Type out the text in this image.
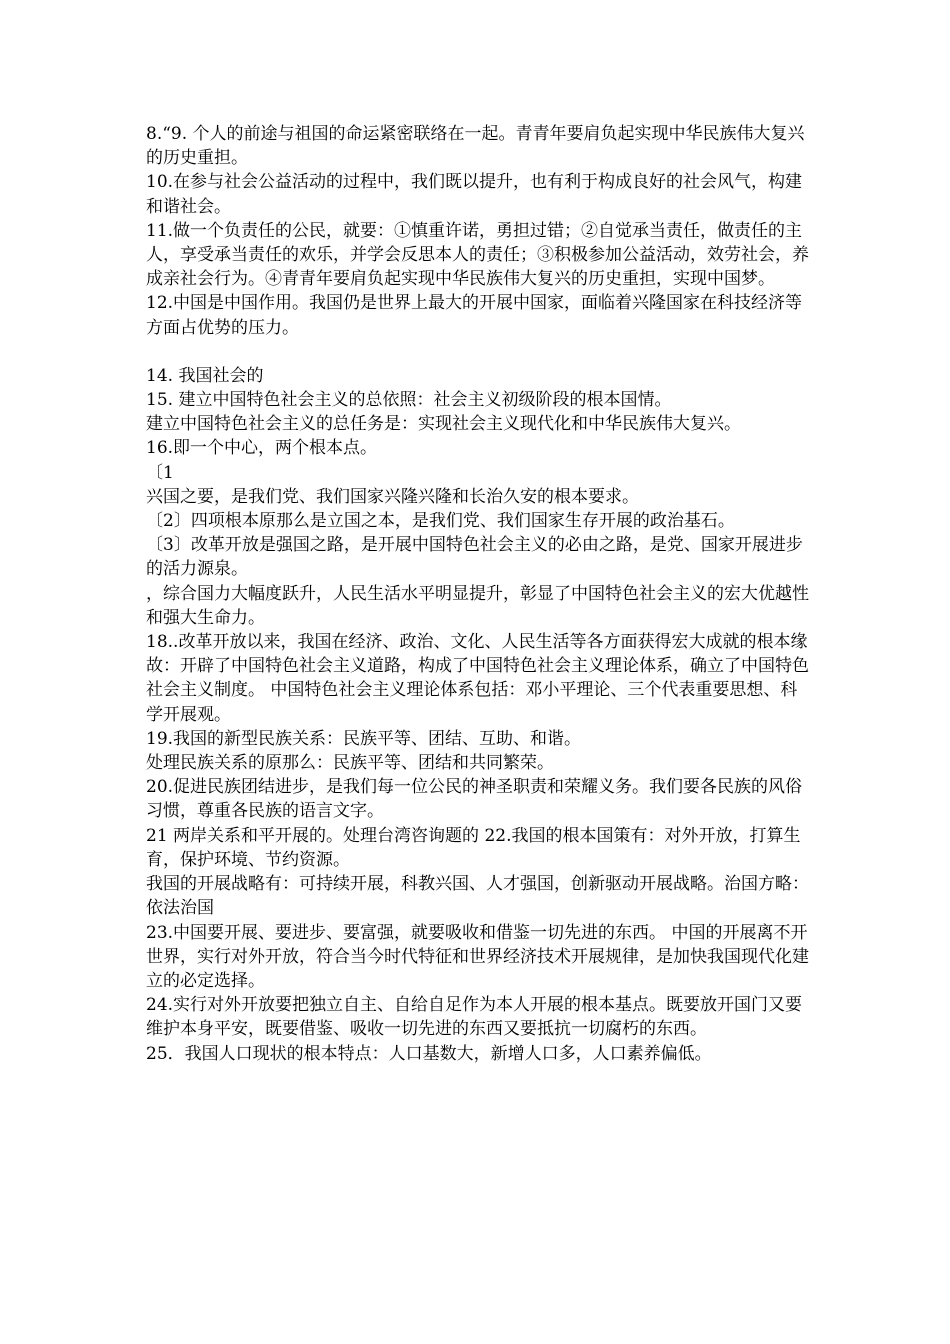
8.“9. 个人的前途与祖国的命运紧密联络在一起。青青年要肩负起实现中华民族伟大复兴的历史重担。

10.在参与社会公益活动的过程中，我们既以提升，也有利于构成良好的社会风气，构建和谐社会。

11.做一个负责任的公民，就要：①慎重许诺，勇担过错；②自觉承当责任，做责任的主人，享受承当责任的欢乐，并学会反思本人的责任；③积极参加公益活动，效劳社会，养成亲社会行为。④青青年要肩负起实现中华民族伟大复兴的历史重担，实现中国梦。

12.中国是中国作用。我国仍是世界上最大的开展中国家，面临着兴隆国家在科技经济等方面占优势的压力。

14. 我国社会的

15. 建立中国特色社会主义的总依照：社会主义初级阶段的根本国情。

建立中国特色社会主义的总任务是：实现社会主义现代化和中华民族伟大复兴。

16.即一个中心，两个根本点。

〔1

兴国之要，是我们党、我们国家兴隆兴隆和长治久安的根本要求。

〔2〕四项根本原那么是立国之本，是我们党、我们国家生存开展的政治基石。

〔3〕改革开放是强国之路，是开展中国特色社会主义的必由之路，是党、国家开展进步的活力源泉。

，综合国力大幅度跃升，人民生活水平明显提升，彰显了中国特色社会主义的宏大优越性和强大生命力。

18..改革开放以来，我国在经济、政治、文化、人民生活等各方面获得宏大成就的根本缘故：开辟了中国特色社会主义道路，构成了中国特色社会主义理论体系，确立了中国特色社会主义制度。 中国特色社会主义理论体系包括：邓小平理论、三个代表重要思想、科学开展观。

19.我国的新型民族关系：民族平等、团结、互助、和谐。

处理民族关系的原那么：民族平等、团结和共同繁荣。

20.促进民族团结进步，是我们每一位公民的神圣职责和荣耀义务。我们要各民族的风俗习惯，尊重各民族的语言文字。

21 两岸关系和平开展的。处理台湾咨询题的 22.我国的根本国策有：对外开放，打算生育，保护环境、节约资源。

我国的开展战略有：可持续开展，科教兴国、人才强国，创新驱动开展战略。治国方略：依法治国

23.中国要开展、要进步、要富强，就要吸收和借鉴一切先进的东西。 中国的开展离不开世界，实行对外开放，符合当今时代特征和世界经济技术开展规律，是加快我国现代化建立的必定选择。

24.实行对外开放要把独立自主、自给自足作为本人开展的根本基点。既要放开国门又要维护本身平安，既要借鉴、吸收一切先进的东西又要抵抗一切腐朽的东西。

25．我国人口现状的根本特点：人口基数大，新增人口多，人口素养偏低。
